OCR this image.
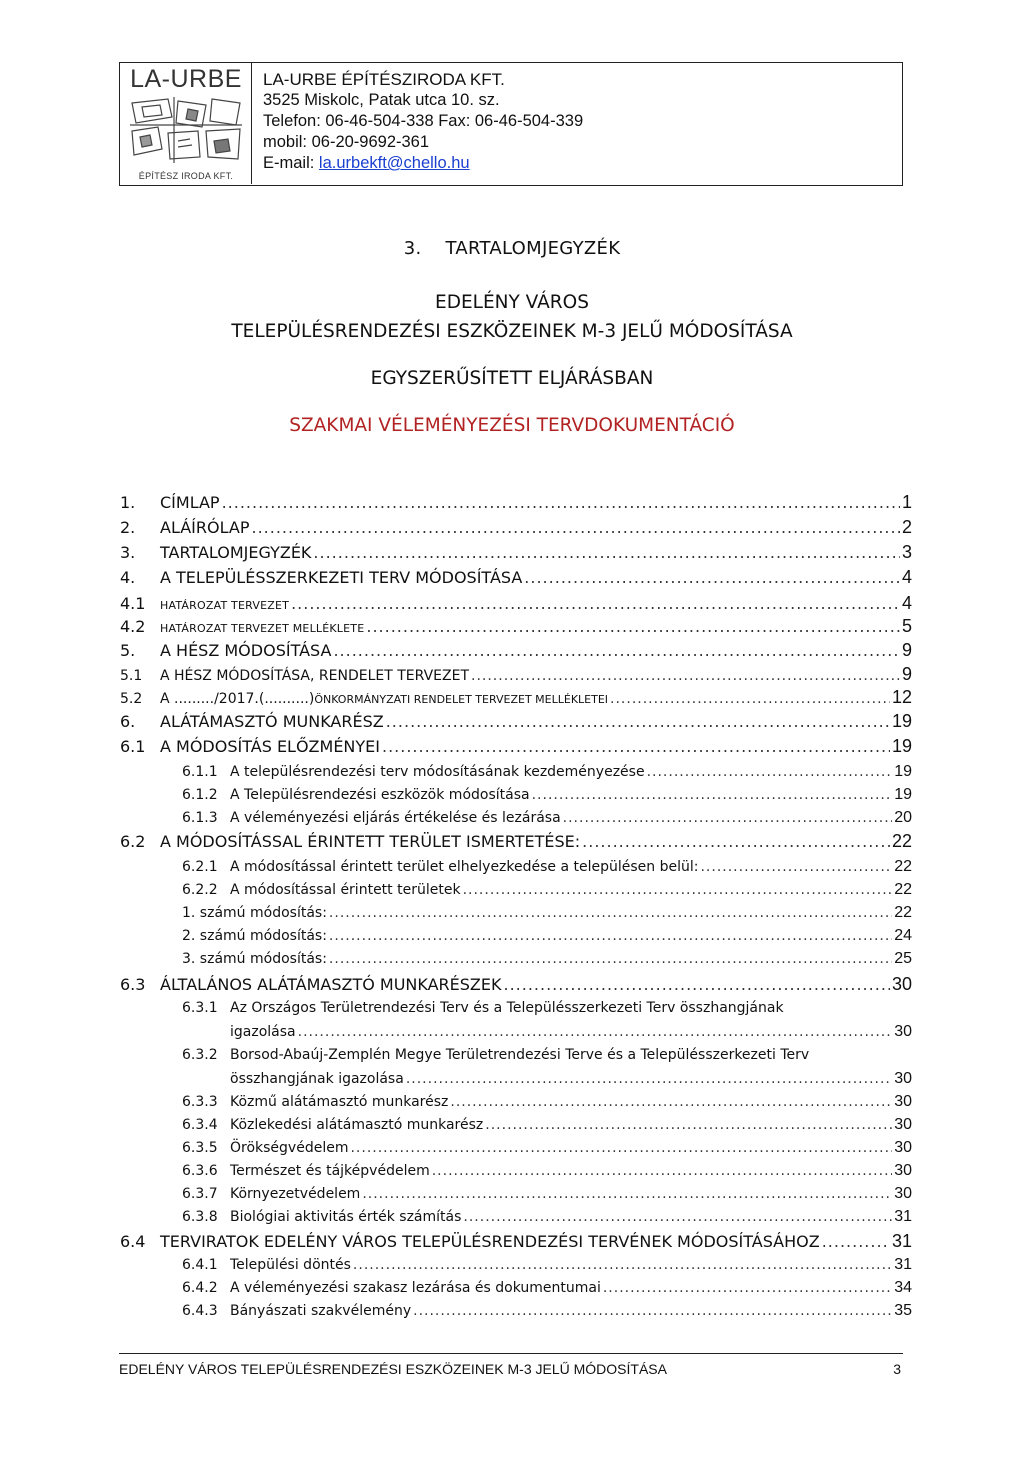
LA-URBE
ÉPÍTÉSZ IRODA KFT.
LA-URBE ÉPÍTÉSZIRODA KFT.
3525 Miskolc, Patak utca 10. sz.
Telefon: 06-46-504-338 Fax: 06-46-504-339
mobil: 06-20-9692-361
E-mail: la.urbekft@chello.hu
3. TARTALOMJEGYZÉK
EDELÉNY VÁROS
TELEPÜLÉSRENDEZÉSI ESZKÖZEINEK M-3 JELŰ MÓDOSÍTÁSA
EGYSZERŰSÍTETT ELJÁRÁSBAN
SZAKMAI VÉLEMÉNYEZÉSI TERVDOKUMENTÁCIÓ
1.	CÍMLAP .....	1
2.	ALÁÍRÓLAP .....	2
3.	TARTALOMJEGYZÉK .....	3
4.	A TELEPÜLÉSSZERKEZETI TERV MÓDOSÍTÁSA .....	4
4.1	HATÁROZAT TERVEZET .....	4
4.2	HATÁROZAT TERVEZET MELLÉKLETE .....	5
5.	A HÉSZ MÓDOSÍTÁSA .....	9
5.1	A HÉSZ MÓDOSÍTÁSA, RENDELET TERVEZET .....	9
5.2	A ........./2017.(..........) ÖNKORMÁNYZATI RENDELET TERVEZET MELLÉKLETEI .....	12
6.	ALÁTÁMASZTÓ MUNKARÉSZ .....	19
6.1 A MÓDOSÍTÁS ELŐZMÉNYEI .....	19
6.1.1 A településrendezési terv módosításának kezdeményezése .....	19
6.1.2 A Településrendezési eszközök módosítása .....	19
6.1.3 A véleményezési eljárás értékelése és lezárása .....	20
6.2 A MÓDOSÍTÁSSAL ÉRINTETT TERÜLET ISMERTETÉSE: .....	22
6.2.1 A módosítással érintett terület elhelyezkedése a településen belül: .....	22
6.2.2 A módosítással érintett területek .....	22
1. számú módosítás: .....	22
2. számú módosítás: .....	24
3. számú módosítás: .....	25
6.3 ÁLTALÁNOS ALÁTÁMASZTÓ MUNKARÉSZEK .....	30
6.3.1 Az Országos Területrendezési Terv és a Településszerkezeti Terv összhangjának
igazolása .....	30
6.3.2 Borsod-Abaúj-Zemplén Megye Területrendezési Terve és a Településszerkezeti Terv
összhangjának igazolása .....	30
6.3.3 Közmű alátámasztó munkarész .....	30
6.3.4 Közlekedési alátámasztó munkarész .....	30
6.3.5 Örökségvédelem .....	30
6.3.6 Természet és tájképvédelem .....	30
6.3.7 Környezetvédelem .....	30
6.3.8 Biológiai aktivitás érték számítás .....	31
6.4 TERVIRATOK EDELÉNY VÁROS TELEPÜLÉSRENDEZÉSI TERVÉNEK MÓDOSÍTÁSÁHOZ .....	31
6.4.1 Települési döntés .....	31
6.4.2 A véleményezési szakasz lezárása és dokumentumai .....	34
6.4.3 Bányászati szakvélemény .....	35
EDELÉNY VÁROS TELEPÜLÉSRENDEZÉSI ESZKÖZEINEK M-3 JELŰ MÓDOSÍTÁSA	3
